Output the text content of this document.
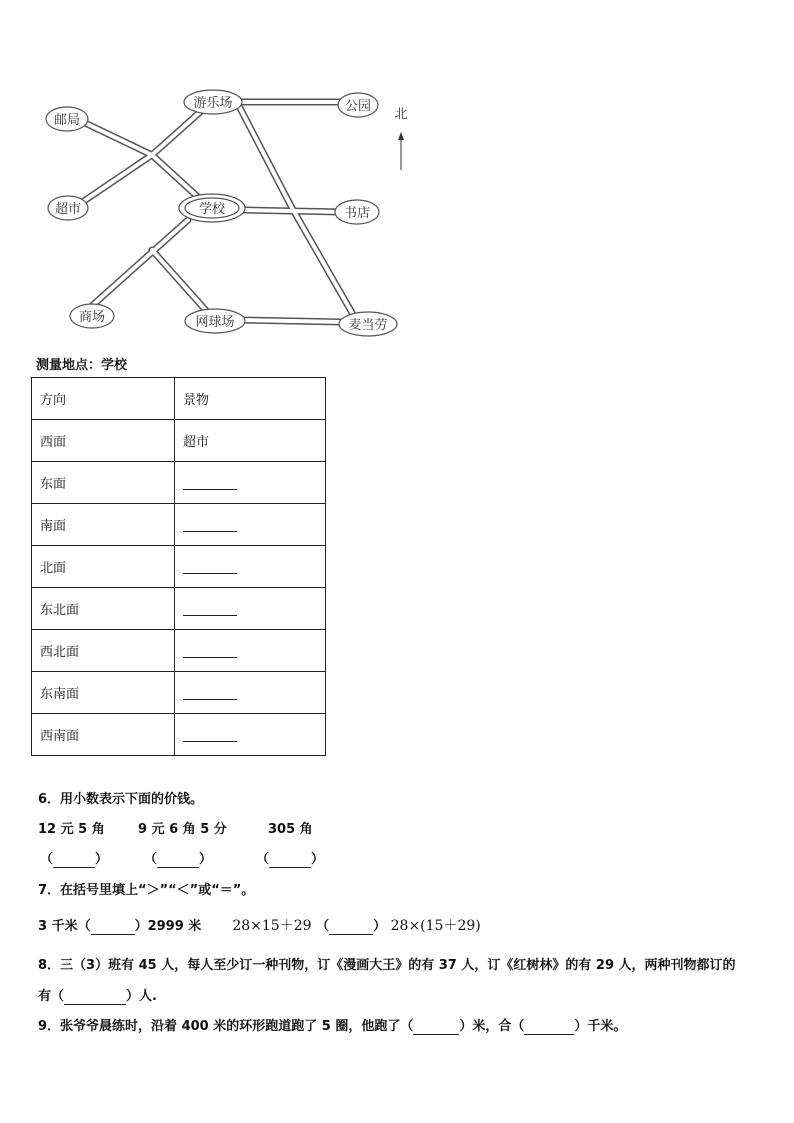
邮局
游乐场	公园
超市	学校	书店
商场	网球场	麦当劳
北
测量地点：学校
方向	景物
西面	超市
东面	
南面	
北面	
东北面	
西北面	
东南面	
西南面	
6．用小数表示下面的价钱。
12 元 5 角	9 元 6 角 5 分	305 角
（	）	（	）	（	）
7．在括号里填上“＞”“＜”或“＝”。
3 千米（	）2999 米 28×15＋29 （	） 28×(15＋29)
8．三（3）班有 45 人，每人至少订一种刊物，订《漫画大王》的有 37 人，订《红树林》的有 29 人，两种刊物都订的
有（	）人.
9．张爷爷晨练时，沿着 400 米的环形跑道跑了 5 圈，他跑了（	）米，合（	）千米。
